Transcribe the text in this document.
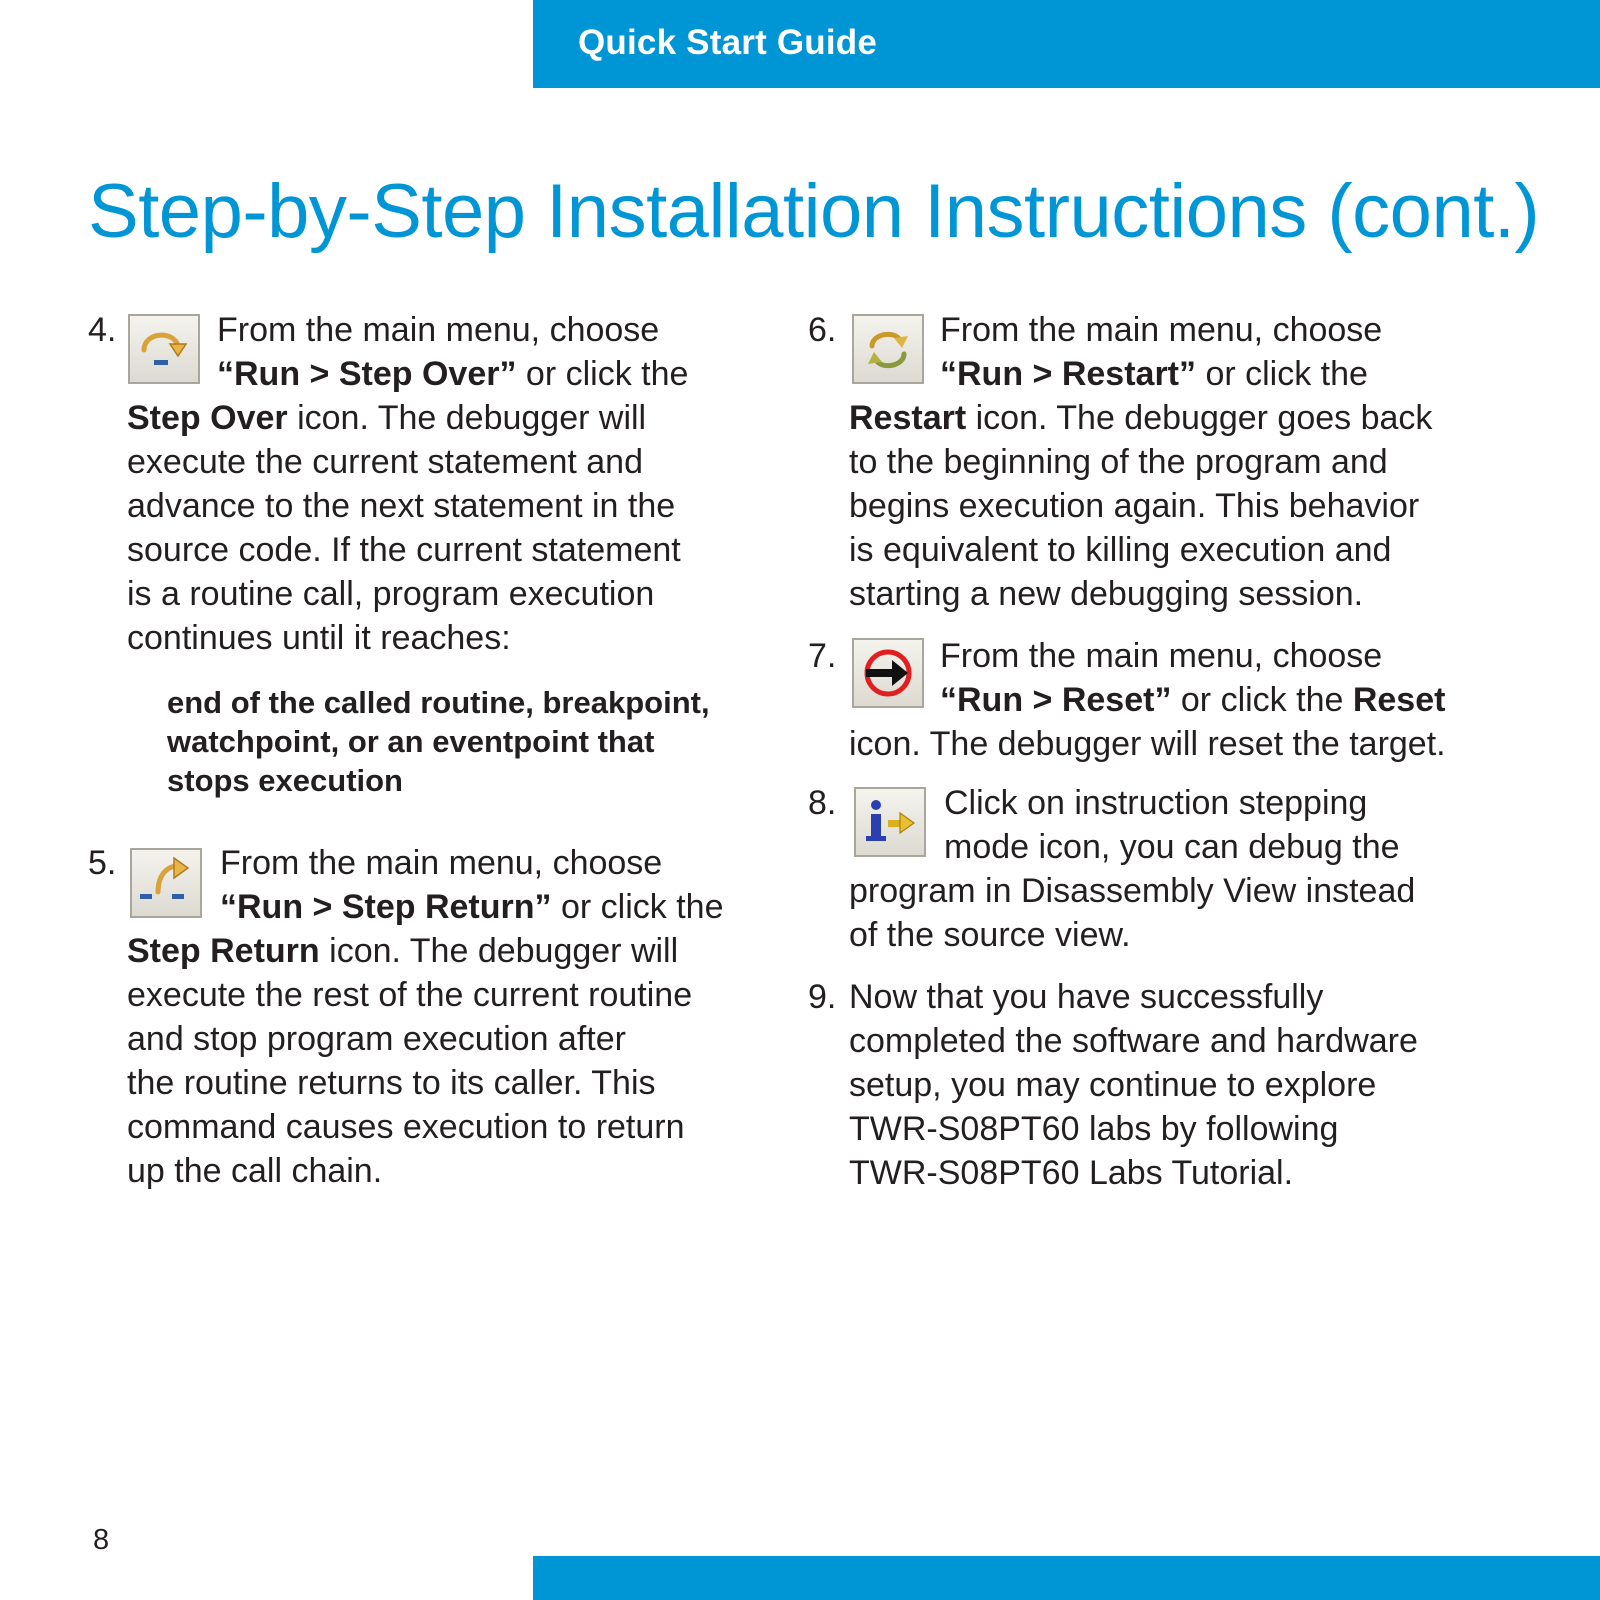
Quick Start Guide
Step-by-Step Installation Instructions (cont.)
4.	From the main menu, choose
“Run > Step Over” or click the
Step Over icon. The debugger will
execute the current statement and
advance to the next statement in the
source code. If the current statement
is a routine call, program execution
continues until it reaches:
end of the called routine, breakpoint,
watchpoint, or an eventpoint that
stops execution
5.	From the main menu, choose
“Run > Step Return” or click the
Step Return icon. The debugger will
execute the rest of the current routine
and stop program execution after
the routine returns to its caller. This
command causes execution to return
up the call chain.
6.	From the main menu, choose
“Run > Restart” or click the
Restart icon. The debugger goes back
to the beginning of the program and
begins execution again. This behavior
is equivalent to killing execution and
starting a new debugging session.
7.	From the main menu, choose
“Run > Reset” or click the Reset
icon. The debugger will reset the target.
8.	Click on instruction stepping
mode icon, you can debug the
program in Disassembly View instead
of the source view.
9. Now that you have successfully
completed the software and hardware
setup, you may continue to explore
TWR-S08PT60 labs by following
TWR-S08PT60 Labs Tutorial.
8
